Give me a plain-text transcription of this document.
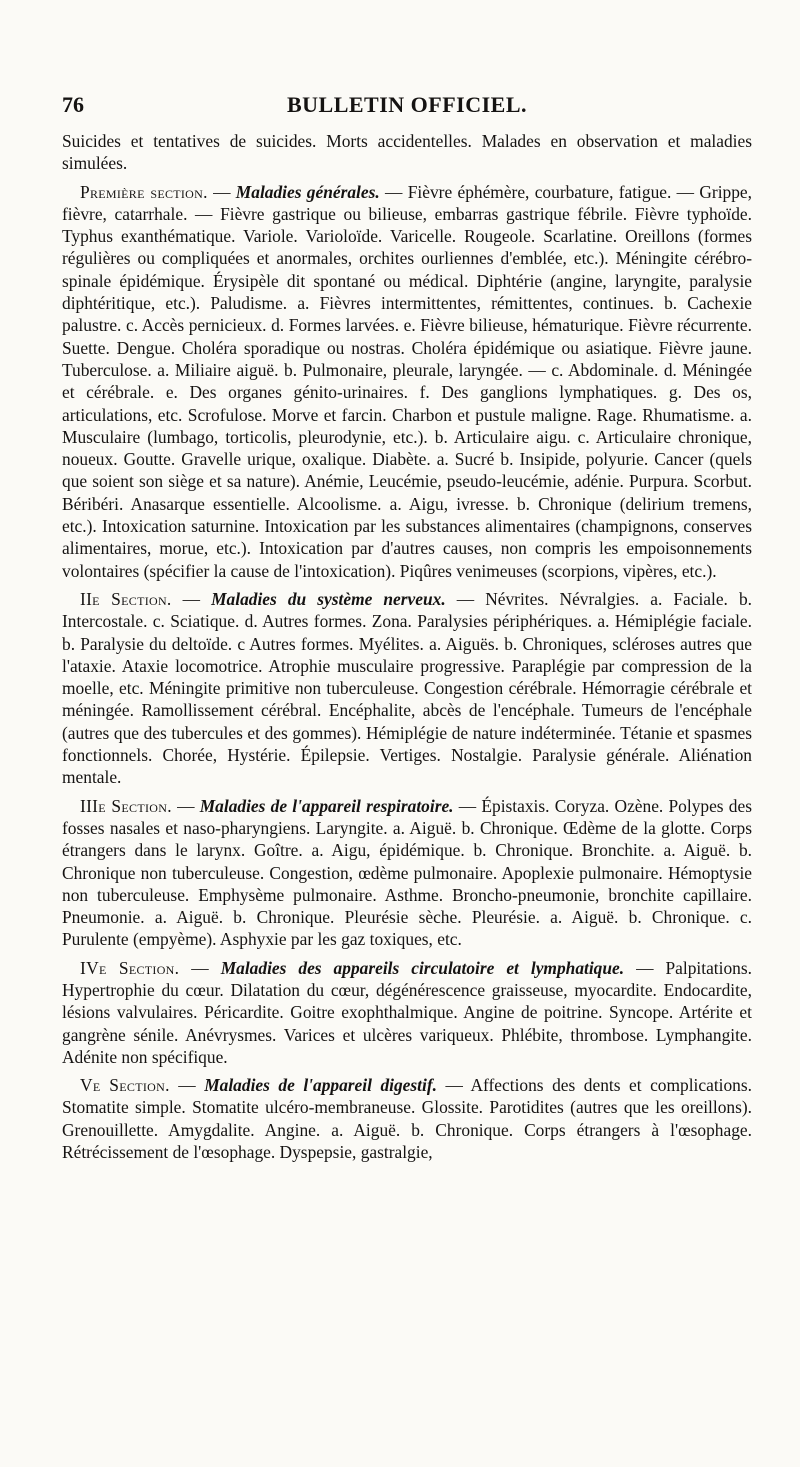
76	BULLETIN OFFICIEL.

Suicides et tentatives de suicides. Morts accidentelles. Malades en observation et maladies simulées.

Première section. — Maladies générales. — Fièvre éphémère, courbature, fatigue. — Grippe, fièvre, catarrhale. — Fièvre gastrique ou bilieuse, embarras gastrique fébrile. Fièvre typhoïde. Typhus exanthématique. Variole. Varioloïde. Varicelle. Rougeole. Scarlatine. Oreillons (formes régulières ou compliquées et anormales, orchites ourliennes d'emblée, etc.). Méningite cérébro-spinale épidémique. Érysipèle dit spontané ou médical. Diphtérie (angine, laryngite, paralysie diphtéritique, etc.). Paludisme. a. Fièvres intermittentes, rémittentes, continues. b. Cachexie palustre. c. Accès pernicieux. d. Formes larvées. e. Fièvre bilieuse, hématurique. Fièvre récurrente. Suette. Dengue. Choléra sporadique ou nostras. Choléra épidémique ou asiatique. Fièvre jaune. Tuberculose. a. Miliaire aiguë. b. Pulmonaire, pleurale, laryngée. — c. Abdominale. d. Méningée et cérébrale. e. Des organes génito-urinaires. f. Des ganglions lymphatiques. g. Des os, articulations, etc. Scrofulose. Morve et farcin. Charbon et pustule maligne. Rage. Rhumatisme. a. Musculaire (lumbago, torticolis, pleurodynie, etc.). b. Articulaire aigu. c. Articulaire chronique, noueux. Goutte. Gravelle urique, oxalique. Diabète. a. Sucré b. Insipide, polyurie. Cancer (quels que soient son siège et sa nature). Anémie, Leucémie, pseudo-leucémie, adénie. Purpura. Scorbut. Béribéri. Anasarque essentielle. Alcoolisme. a. Aigu, ivresse. b. Chronique (delirium tremens, etc.). Intoxication saturnine. Intoxication par les substances alimentaires (champignons, conserves alimentaires, morue, etc.). Intoxication par d'autres causes, non compris les empoisonnements volontaires (spécifier la cause de l'intoxication). Piqûres venimeuses (scorpions, vipères, etc.).

IIe Section. — Maladies du système nerveux. — Névrites. Névralgies. a. Faciale. b. Intercostale. c. Sciatique. d. Autres formes. Zona. Paralysies périphériques. a. Hémiplégie faciale. b. Paralysie du deltoïde. c Autres formes. Myélites. a. Aiguës. b. Chroniques, scléroses autres que l'ataxie. Ataxie locomotrice. Atrophie musculaire progressive. Paraplégie par compression de la moelle, etc. Méningite primitive non tuberculeuse. Congestion cérébrale. Hémorragie cérébrale et méningée. Ramollissement cérébral. Encéphalite, abcès de l'encéphale. Tumeurs de l'encéphale (autres que des tubercules et des gommes). Hémiplégie de nature indéterminée. Tétanie et spasmes fonctionnels. Chorée, Hystérie. Épilepsie. Vertiges. Nostalgie. Paralysie générale. Aliénation mentale.

IIIe Section. — Maladies de l'appareil respiratoire. — Épistaxis. Coryza. Ozène. Polypes des fosses nasales et naso-pharyngiens. Laryngite. a. Aiguë. b. Chronique. Œdème de la glotte. Corps étrangers dans le larynx. Goître. a. Aigu, épidémique. b. Chronique. Bronchite. a. Aiguë. b. Chronique non tuberculeuse. Congestion, œdème pulmonaire. Apoplexie pulmonaire. Hémoptysie non tuberculeuse. Emphysème pulmonaire. Asthme. Broncho-pneumonie, bronchite capillaire. Pneumonie. a. Aiguë. b. Chronique. Pleurésie sèche. Pleurésie. a. Aiguë. b. Chronique. c. Purulente (empyème). Asphyxie par les gaz toxiques, etc.

IVe Section. — Maladies des appareils circulatoire et lymphatique. — Palpitations. Hypertrophie du cœur. Dilatation du cœur, dégénérescence graisseuse, myocardite. Endocardite, lésions valvulaires. Péricardite. Goitre exophthalmique. Angine de poitrine. Syncope. Artérite et gangrène sénile. Anévrysmes. Varices et ulcères variqueux. Phlébite, thrombose. Lymphangite. Adénite non spécifique.

Ve Section. — Maladies de l'appareil digestif. — Affections des dents et complications. Stomatite simple. Stomatite ulcéro-membraneuse. Glossite. Parotidites (autres que les oreillons). Grenouillette. Amygdalite. Angine. a. Aiguë. b. Chronique. Corps étrangers à l'œsophage. Rétrécissement de l'œsophage. Dyspepsie, gastralgie,
